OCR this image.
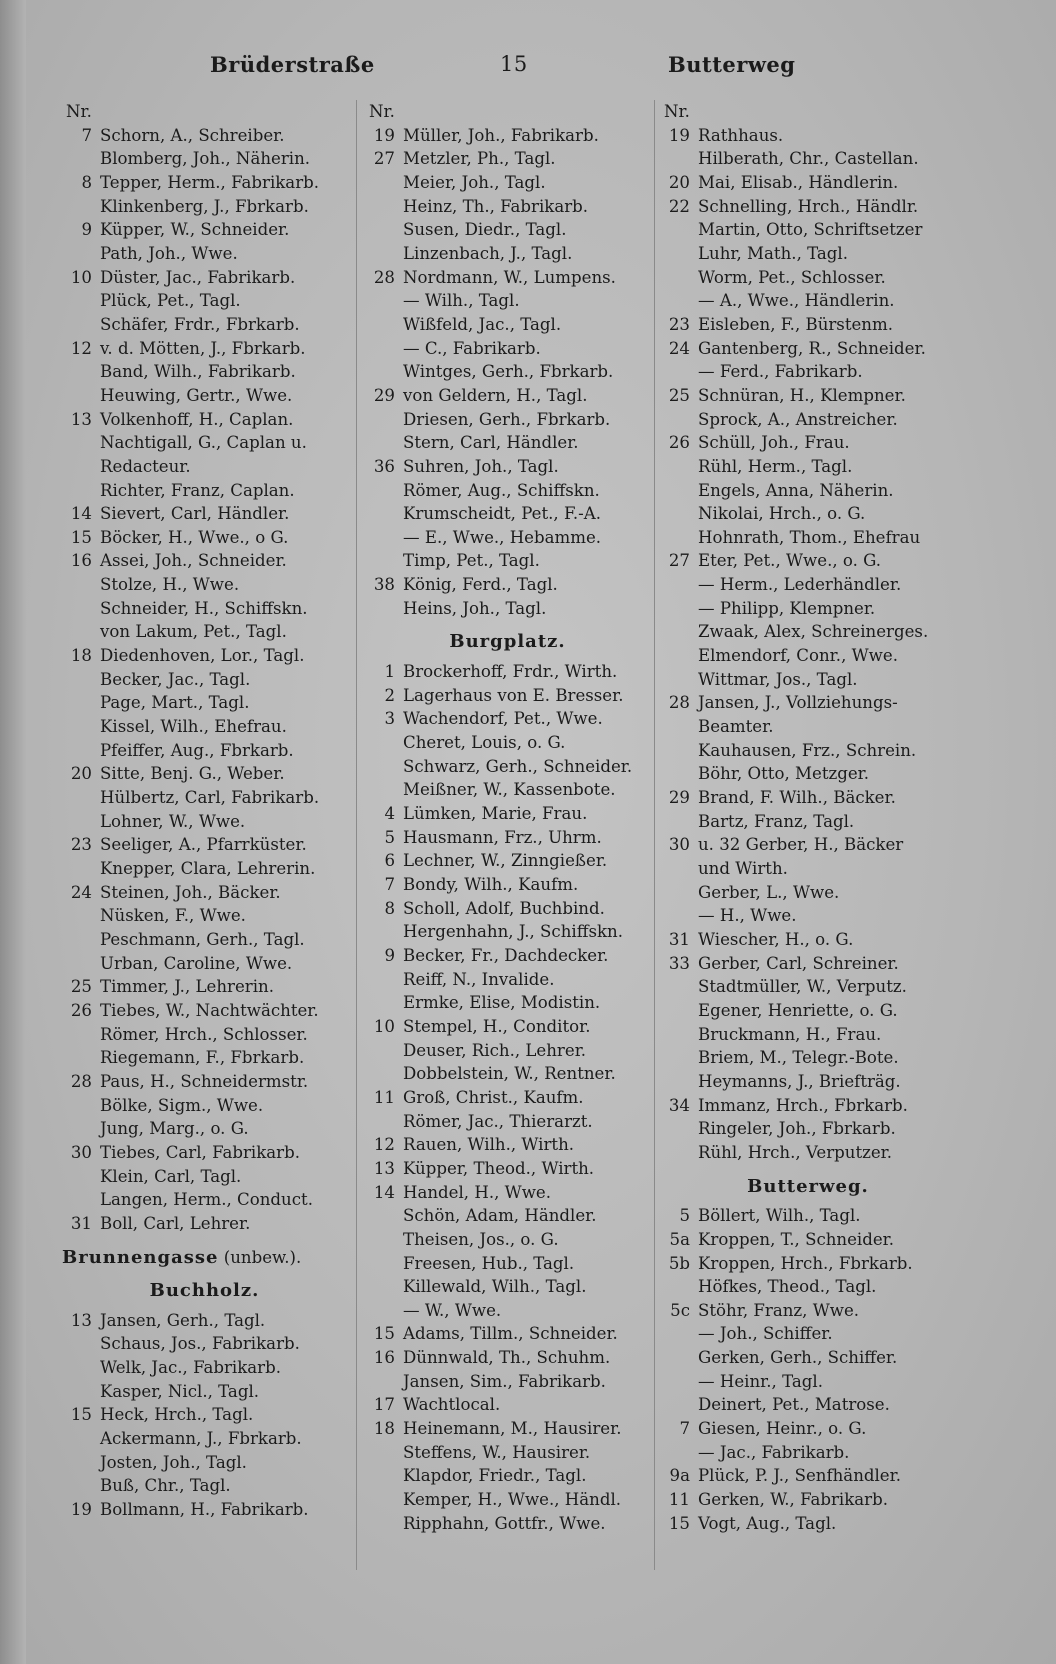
Brüderstraße	15	Butterweg
Nr.
7 Schorn, A., Schreiber.
Blomberg, Joh., Näherin.
8 Tepper, Herm., Fabrikarb.
Klinkenberg, J., Fbrkarb.
9 Küpper, W., Schneider.
Path, Joh., Wwe.
10 Düster, Jac., Fabrikarb.
Plück, Pet., Tagl.
Schäfer, Frdr., Fbrkarb.
12 v. d. Mötten, J., Fbrkarb.
Band, Wilh., Fabrikarb.
Heuwing, Gertr., Wwe.
13 Volkenhoff, H., Caplan.
Nachtigall, G., Caplan u.
Redacteur.
Richter, Franz, Caplan.
14 Sievert, Carl, Händler.
15 Böcker, H., Wwe., o G.
16 Assei, Joh., Schneider.
Stolze, H., Wwe.
Schneider, H., Schiffskn.
von Lakum, Pet., Tagl.
18 Diedenhoven, Lor., Tagl.
Becker, Jac., Tagl.
Page, Mart., Tagl.
Kissel, Wilh., Ehefrau.
Pfeiffer, Aug., Fbrkarb.
20 Sitte, Benj. G., Weber.
Hülbertz, Carl, Fabrikarb.
Lohner, W., Wwe.
23 Seeliger, A., Pfarrküster.
Knepper, Clara, Lehrerin.
24 Steinen, Joh., Bäcker.
Nüsken, F., Wwe.
Peschmann, Gerh., Tagl.
Urban, Caroline, Wwe.
25 Timmer, J., Lehrerin.
26 Tiebes, W., Nachtwächter.
Römer, Hrch., Schlosser.
Riegemann, F., Fbrkarb.
28 Paus, H., Schneidermstr.
Bölke, Sigm., Wwe.
Jung, Marg., o. G.
30 Tiebes, Carl, Fabrikarb.
Klein, Carl, Tagl.
Langen, Herm., Conduct.
31 Boll, Carl, Lehrer.
Brunnengasse
(unbew.).
Buchholz.
13 Jansen, Gerh., Tagl.
Schaus, Jos., Fabrikarb.
Welk, Jac., Fabrikarb.
Kasper, Nicl., Tagl.
15 Heck, Hrch., Tagl.
Ackermann, J., Fbrkarb.
Josten, Joh., Tagl.
Buß, Chr., Tagl.
19 Bollmann, H., Fabrikarb.
Nr.
19 Müller, Joh., Fabrikarb.
27 Metzler, Ph., Tagl.
Meier, Joh., Tagl.
Heinz, Th., Fabrikarb.
Susen, Diedr., Tagl.
Linzenbach, J., Tagl.
28 Nordmann, W., Lumpens.
— Wilh., Tagl.
Wißfeld, Jac., Tagl.
— C., Fabrikarb.
Wintges, Gerh., Fbrkarb.
29 von Geldern, H., Tagl.
Driesen, Gerh., Fbrkarb.
Stern, Carl, Händler.
36 Suhren, Joh., Tagl.
Römer, Aug., Schiffskn.
Krumscheidt, Pet., F.-A.
— E., Wwe., Hebamme.
Timp, Pet., Tagl.
38 König, Ferd., Tagl.
Heins, Joh., Tagl.
Burgplatz.
1 Brockerhoff, Frdr., Wirth.
2 Lagerhaus von E. Bresser.
3 Wachendorf, Pet., Wwe.
Cheret, Louis, o. G.
Schwarz, Gerh., Schneider.
Meißner, W., Kassenbote.
4 Lümken, Marie, Frau.
5 Hausmann, Frz., Uhrm.
6 Lechner, W., Zinngießer.
7 Bondy, Wilh., Kaufm.
8 Scholl, Adolf, Buchbind.
Hergenhahn, J., Schiffskn.
9 Becker, Fr., Dachdecker.
Reiff, N., Invalide.
Ermke, Elise, Modistin.
10 Stempel, H., Conditor.
Deuser, Rich., Lehrer.
Dobbelstein, W., Rentner.
11 Groß, Christ., Kaufm.
Römer, Jac., Thierarzt.
12 Rauen, Wilh., Wirth.
13 Küpper, Theod., Wirth.
14 Handel, H., Wwe.
Schön, Adam, Händler.
Theisen, Jos., o. G.
Freesen, Hub., Tagl.
Killewald, Wilh., Tagl.
— W., Wwe.
15 Adams, Tillm., Schneider.
16 Dünnwald, Th., Schuhm.
Jansen, Sim., Fabrikarb.
17 Wachtlocal.
18 Heinemann, M., Hausirer.
Steffens, W., Hausirer.
Klapdor, Friedr., Tagl.
Kemper, H., Wwe., Händl.
Ripphahn, Gottfr., Wwe.
Nr.
19 Rathhaus.
Hilberath, Chr., Castellan.
20 Mai, Elisab., Händlerin.
22 Schnelling, Hrch., Händlr.
Martin, Otto, Schriftsetzer
Luhr, Math., Tagl.
Worm, Pet., Schlosser.
— A., Wwe., Händlerin.
23 Eisleben, F., Bürstenm.
24 Gantenberg, R., Schneider.
— Ferd., Fabrikarb.
25 Schnüran, H., Klempner.
Sprock, A., Anstreicher.
26 Schüll, Joh., Frau.
Rühl, Herm., Tagl.
Engels, Anna, Näherin.
Nikolai, Hrch., o. G.
Hohnrath, Thom., Ehefrau
27 Eter, Pet., Wwe., o. G.
— Herm., Lederhändler.
— Philipp, Klempner.
Zwaak, Alex, Schreinerges.
Elmendorf, Conr., Wwe.
Wittmar, Jos., Tagl.
28 Jansen, J., Vollziehungs-
Beamter.
Kauhausen, Frz., Schrein.
Böhr, Otto, Metzger.
29 Brand, F. Wilh., Bäcker.
Bartz, Franz, Tagl.
30 u. 32 Gerber, H., Bäcker
und Wirth.
Gerber, L., Wwe.
— H., Wwe.
31 Wiescher, H., o. G.
33 Gerber, Carl, Schreiner.
Stadtmüller, W., Verputz.
Egener, Henriette, o. G.
Bruckmann, H., Frau.
Briem, M., Telegr.-Bote.
Heymanns, J., Briefträg.
34 Immanz, Hrch., Fbrkarb.
Ringeler, Joh., Fbrkarb.
Rühl, Hrch., Verputzer.
Butterweg.
5 Böllert, Wilh., Tagl.
5a Kroppen, T., Schneider.
5b Kroppen, Hrch., Fbrkarb.
Höfkes, Theod., Tagl.
5c Stöhr, Franz, Wwe.
— Joh., Schiffer.
Gerken, Gerh., Schiffer.
— Heinr., Tagl.
Deinert, Pet., Matrose.
7 Giesen, Heinr., o. G.
— Jac., Fabrikarb.
9a Plück, P. J., Senfhändler.
11 Gerken, W., Fabrikarb.
15 Vogt, Aug., Tagl.
